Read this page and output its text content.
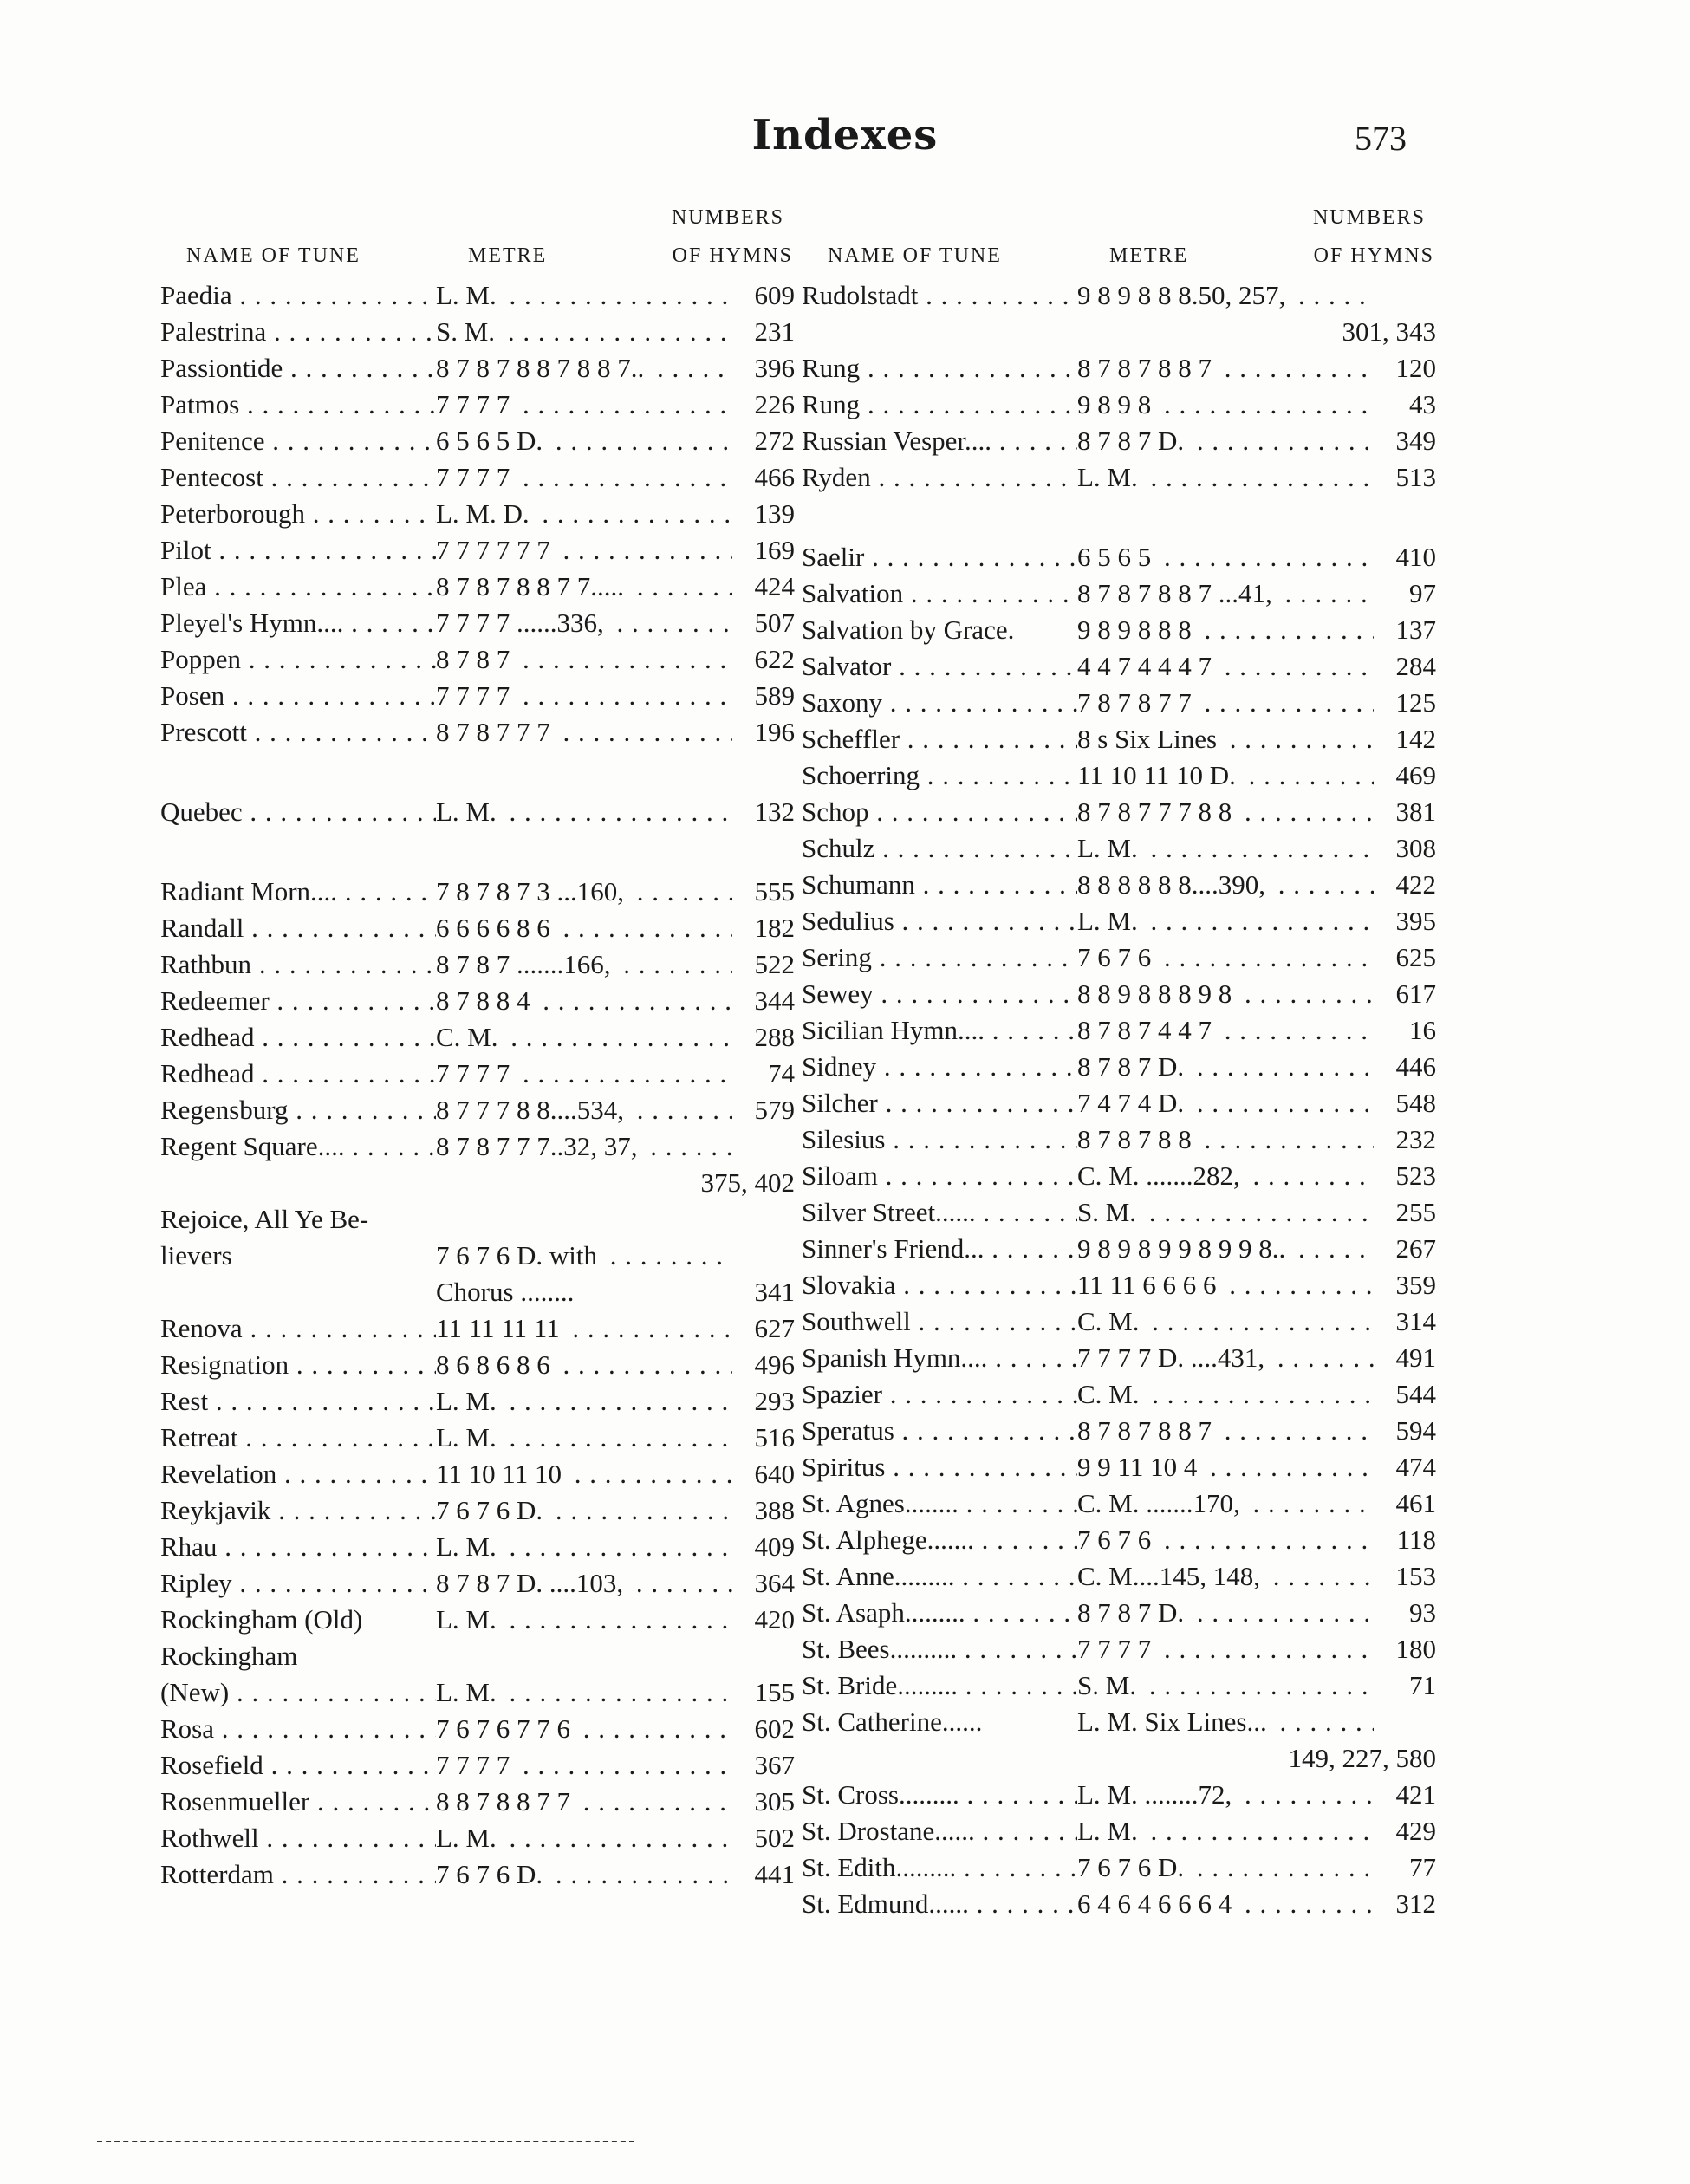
Indexes	573
NUMBERS
NAME OF TUNE	METRE	OF HYMNS
Paedia . . .	L. M. . . .	609
Palestrina . . .	S. M. . . .	231
Passiontide . . .	8 7 8 7 8 8 7 8 8 7.. . . .	396
Patmos . . .	7 7 7 7 . . .	226
Penitence . . .	6 5 6 5 D. . . .	272
Pentecost . . .	7 7 7 7 . . .	466
Peterborough . . .	L. M. D. . . .	139
Pilot . . .	7 7 7 7 7 7 . . .	169
Plea . . .	8 7 8 7 8 8 7 7..... . . .	424
Pleyel's Hymn.... . . .	7 7 7 7 ......336, . . .	507
Poppen . . .	8 7 8 7 . . .	622
Posen . . .	7 7 7 7 . . .	589
Prescott . . .	8 7 8 7 7 7 . . .	196
Quebec . . .	L. M. . . .	132
Radiant Morn.... . . .	7 8 7 8 7 3 ...160, . . .	555
Randall . . .	6 6 6 6 8 6 . . .	182
Rathbun . . .	8 7 8 7 .......166, . . .	522
Redeemer . . .	8 7 8 8 4 . . .	344
Redhead . . .	C. M. . . .	288
Redhead . . .	7 7 7 7 . . .	74
Regensburg . . .	8 7 7 7 8 8....534, . . .	579
Regent Square.... . . .	8 7 8 7 7 7..32, 37, . . .
375, 402
Rejoice, All Ye Be-
lievers	7 6 7 6 D. with . . .
Chorus ........	341
Renova . . .	11 11 11 11 . . .	627
Resignation . . .	8 6 8 6 8 6 . . .	496
Rest . . .	L. M. . . .	293
Retreat . . .	L. M. . . .	516
Revelation . . .	11 10 11 10 . . .	640
Reykjavik . . .	7 6 7 6 D. . . .	388
Rhau . . .	L. M. . . .	409
Ripley . . .	8 7 8 7 D. ....103, . . .	364
Rockingham (Old)	L. M. . . .	420
Rockingham
(New) . . .	L. M. . . .	155
Rosa . . .	7 6 7 6 7 7 6 . . .	602
Rosefield . . .	7 7 7 7 . . .	367
Rosenmueller . . .	8 8 7 8 8 7 7 . . .	305
Rothwell . . .	L. M. . . .	502
Rotterdam . . .	7 6 7 6 D. . . .	441
NUMBERS
NAME OF TUNE	METRE	OF HYMNS
Rudolstadt . . .	9 8 9 8 8 8.50, 257, . . .
301, 343
Rung . . .	8 7 8 7 8 8 7 . . .	120
Rung . . .	9 8 9 8 . . .	43
Russian Vesper.... . . .	8 7 8 7 D. . . .	349
Ryden . . .	L. M. . . .	513
Saelir . . .	6 5 6 5 . . .	410
Salvation . . .	8 7 8 7 8 8 7 ...41, . . .	97
Salvation by Grace.	9 8 9 8 8 8 . . .	137
Salvator . . .	4 4 7 4 4 4 7 . . .	284
Saxony . . .	7 8 7 8 7 7 . . .	125
Scheffler . . .	8 s Six Lines . . .	142
Schoerring . . .	11 10 11 10 D. . . .	469
Schop . . .	8 7 8 7 7 7 8 8 . . .	381
Schulz . . .	L. M. . . .	308
Schumann . . .	8 8 8 8 8 8....390, . . .	422
Sedulius . . .	L. M. . . .	395
Sering . . .	7 6 7 6 . . .	625
Sewey . . .	8 8 9 8 8 8 9 8 . . .	617
Sicilian Hymn.... . . .	8 7 8 7 4 4 7 . . .	16
Sidney . . .	8 7 8 7 D. . . .	446
Silcher . . .	7 4 7 4 D. . . .	548
Silesius . . .	8 7 8 7 8 8 . . .	232
Siloam . . .	C. M. .......282, . . .	523
Silver Street...... . . .	S. M. . . .	255
Sinner's Friend... . . .	9 8 9 8 9 9 8 9 9 8.. . . .	267
Slovakia . . .	11 11 6 6 6 6 . . .	359
Southwell . . .	C. M. . . .	314
Spanish Hymn.... . . .	7 7 7 7 D. ....431, . . .	491
Spazier . . .	C. M. . . .	544
Speratus . . .	8 7 8 7 8 8 7 . . .	594
Spiritus . . .	9 9 11 10 4 . . .	474
St. Agnes........ . . .	C. M. .......170, . . .	461
St. Alphege....... . . .	7 6 7 6 . . .	118
St. Anne......... . . .	C. M....145, 148, . . .	153
St. Asaph......... . . .	8 7 8 7 D. . . .	93
St. Bees.......... . . .	7 7 7 7 . . .	180
St. Bride......... . . .	S. M. . . .	71
St. Catherine......	L. M. Six Lines... . . .
149, 227, 580
St. Cross......... . . .	L. M. ........72, . . .	421
St. Drostane...... . . .	L. M. . . .	429
St. Edith......... . . .	7 6 7 6 D. . . .	77
St. Edmund...... . . .	6 4 6 4 6 6 6 4 . . .	312
